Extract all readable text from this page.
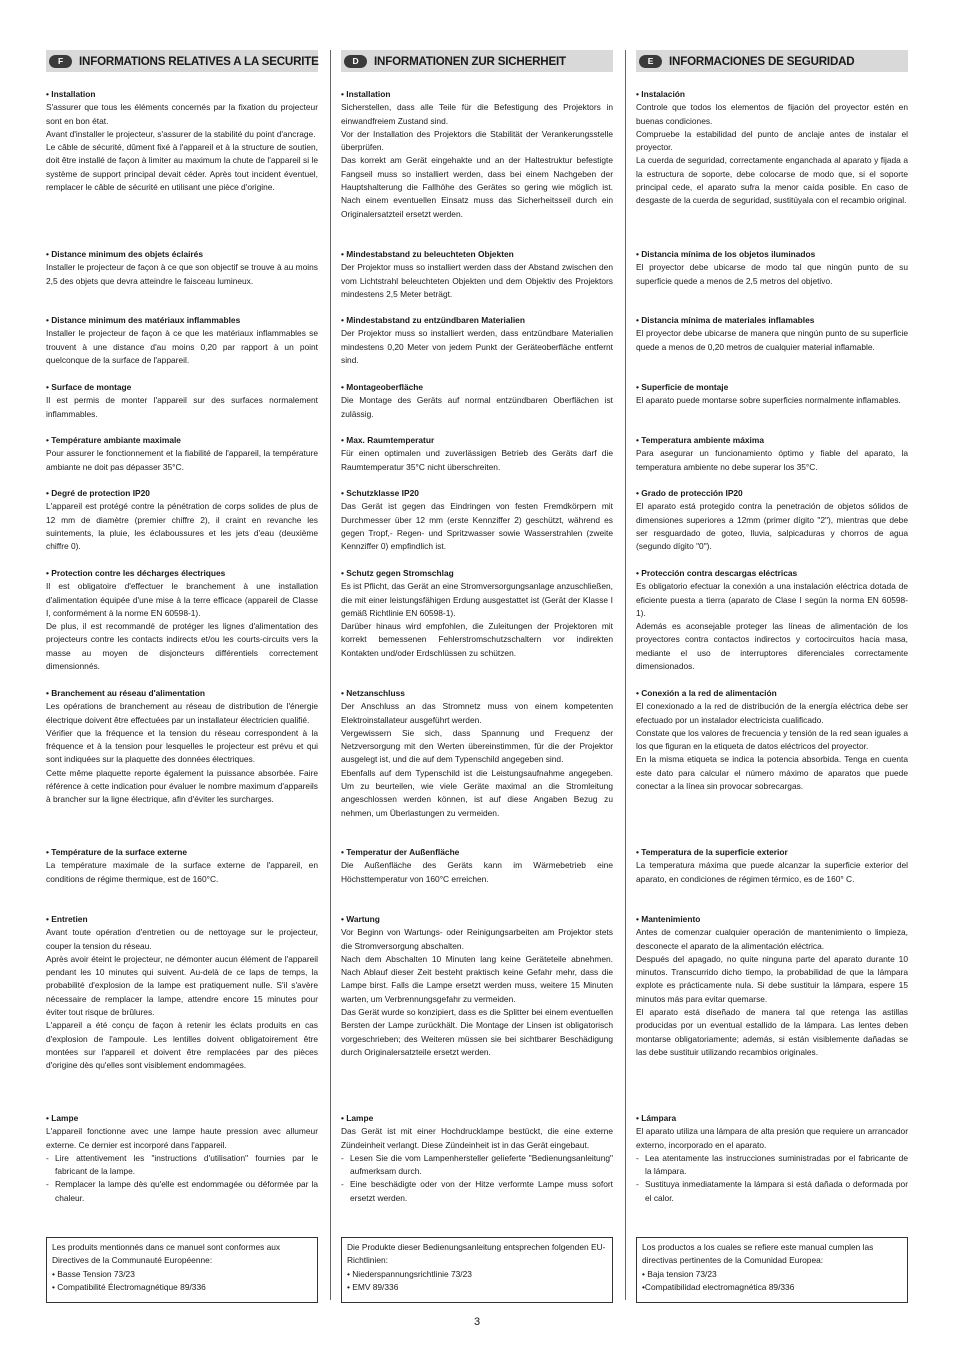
F	INFORMATIONS RELATIVES A LA SECURITE
• Installation

S'assurer que tous les éléments concernés par la fixation du projecteur sont en bon état.

Avant d'installer le projecteur, s'assurer de la stabilité du point d'ancrage.

Le câble de sécurité, dûment fixé à l'appareil et à la structure de soutien, doit être installé de façon à limiter au maximum la chute de l'appareil si le système de support principal devait céder. Après tout incident éventuel, remplacer le câble de sécurité en utilisant une pièce d'origine.

• Distance minimum des objets éclairés

Installer le projecteur de façon à ce que son objectif se trouve à au moins 2,5 des objets que devra atteindre le faisceau lumineux.

• Distance minimum des matériaux inflammables

Installer le projecteur de façon à ce que les matériaux inflammables se trouvent à une distance d'au moins 0,20 par rapport à un point quelconque de la surface de l'appareil.

• Surface de montage

Il est permis de monter l'appareil sur des surfaces normalement inflammables.

• Température ambiante maximale

Pour assurer le fonctionnement et la fiabilité de l'appareil, la température ambiante ne doit pas dépasser 35°C.

• Degré de protection IP20

L'appareil est protégé contre la pénétration de corps solides de plus de 12 mm de diamètre (premier chiffre 2), il craint en revanche les suintements, la pluie, les éclaboussures et les jets d'eau (deuxième chiffre 0).

• Protection contre les décharges électriques

Il est obligatoire d'effectuer le branchement à une installation d'alimentation équipée d'une mise à la terre efficace (appareil de Classe I, conformément à la norme EN 60598-1).

De plus, il est recommandé de protéger les lignes d'alimentation des projecteurs contre les contacts indirects et/ou les courts-circuits vers la masse au moyen de disjoncteurs différentiels correctement dimensionnés.

• Branchement au réseau d'alimentation

Les opérations de branchement au réseau de distribution de l'énergie électrique doivent être effectuées par un installateur électricien qualifié.

Vérifier que la fréquence et la tension du réseau correspondent à la fréquence et à la tension pour lesquelles le projecteur est prévu et qui sont indiquées sur la plaquette des données électriques.

Cette même plaquette reporte également la puissance absorbée. Faire référence à cette indication pour évaluer le nombre maximum d'appareils à brancher sur la ligne électrique, afin d'éviter les surcharges.

• Température de la surface externe

La température maximale de la surface externe de l'appareil, en conditions de régime thermique, est de 160°C.

• Entretien

Avant toute opération d'entretien ou de nettoyage sur le projecteur, couper la tension du réseau.

Après avoir éteint le projecteur, ne démonter aucun élément de l'appareil pendant les 10 minutes qui suivent. Au-delà de ce laps de temps, la probabilité d'explosion de la lampe est pratiquement nulle. S'il s'avère nécessaire de remplacer la lampe, attendre encore 15 minutes pour éviter tout risque de brûlures.

L'appareil a été conçu de façon à retenir les éclats produits en cas d'explosion de l'ampoule. Les lentilles doivent obligatoirement être montées sur l'appareil et doivent être remplacées par des pièces d'origine dès qu'elles sont visiblement endommagées.

• Lampe

L'appareil fonctionne avec une lampe haute pression avec allumeur externe. Ce dernier est incorporé dans l'appareil.

- Lire attentivement les "instructions d'utilisation" fournies par le fabricant de la lampe.

- Remplacer la lampe dès qu'elle est endommagée ou déformée par la chaleur.

Les produits mentionnés dans ce manuel sont conformes aux Directives de la Communauté Européenne:

• Basse Tension 73/23

• Compatibilité Électromagnétique 89/336

D	INFORMATIONEN ZUR SICHERHEIT
• Installation

Sicherstellen, dass alle Teile für die Befestigung des Projektors in einwandfreiem Zustand sind.

Vor der Installation des Projektors die Stabilität der Verankerungsstelle überprüfen.

Das korrekt am Gerät eingehakte und an der Haltestruktur befestigte Fangseil muss so installiert werden, dass bei einem Nachgeben der Hauptshalterung die Fallhöhe des Gerätes so gering wie möglich ist. Nach einem eventuellen Einsatz muss das Sicherheitsseil durch ein Originalersatzteil ersetzt werden.

• Mindestabstand zu beleuchteten Objekten

Der Projektor muss so installiert werden dass der Abstand zwischen den vom Lichtstrahl beleuchteten Objekten und dem Objektiv des Projektors mindestens 2,5 Meter beträgt.

• Mindestabstand zu entzündbaren Materialien

Der Projektor muss so installiert werden, dass entzündbare Materialien mindestens 0,20 Meter von jedem Punkt der Geräteoberfläche entfernt sind.

• Montageoberfläche

Die Montage des Geräts auf normal entzündbaren Oberflächen ist zulässig.

• Max. Raumtemperatur

Für einen optimalen und zuverlässigen Betrieb des Geräts darf die Raumtemperatur 35°C nicht überschreiten.

• Schutzklasse IP20

Das Gerät ist gegen das Eindringen von festen Fremdkörpern mit Durchmesser über 12 mm (erste Kennziffer 2) geschützt, während es gegen Tropf,- Regen- und Spritzwasser sowie Wasserstrahlen (zweite Kennziffer 0) empfindlich ist.

• Schutz gegen Stromschlag

Es ist Pflicht, das Gerät an eine Stromversorgungsanlage anzuschließen, die mit einer leistungsfähigen Erdung ausgestattet ist (Gerät der Klasse I gemäß Richtlinie EN 60598-1).

Darüber hinaus wird empfohlen, die Zuleitungen der Projektoren mit korrekt bemessenen Fehlerstromschutzschaltern vor indirekten Kontakten und/oder Erdschlüssen zu schützen.

• Netzanschluss

Der Anschluss an das Stromnetz muss von einem kompetenten Elektroinstallateur ausgeführt werden.

Vergewissern Sie sich, dass Spannung und Frequenz der Netzversorgung mit den Werten übereinstimmen, für die der Projektor ausgelegt ist, und die auf dem Typenschild angegeben sind.

Ebenfalls auf dem Typenschild ist die Leistungsaufnahme angegeben. Um zu beurteilen, wie viele Geräte maximal an die Stromleitung angeschlossen werden können, ist auf diese Angaben Bezug zu nehmen, um Überlastungen zu vermeiden.

• Temperatur der Außenfläche

Die Außenfläche des Geräts kann im Wärmebetrieb eine Höchsttemperatur von 160°C erreichen.

• Wartung

Vor Beginn von Wartungs- oder Reinigungsarbeiten am Projektor stets die Stromversorgung abschalten.

Nach dem Abschalten 10 Minuten lang keine Geräteteile abnehmen. Nach Ablauf dieser Zeit besteht praktisch keine Gefahr mehr, dass die Lampe birst. Falls die Lampe ersetzt werden muss, weitere 15 Minuten warten, um Verbrennungsgefahr zu vermeiden.

Das Gerät wurde so konzipiert, dass es die Splitter bei einem eventuellen Bersten der Lampe zurückhält. Die Montage der Linsen ist obligatorisch vorgeschrieben; des Weiteren müssen sie bei sichtbarer Beschädigung durch Originalersatzteile ersetzt werden.

• Lampe

Das Gerät ist mit einer Hochdrucklampe bestückt, die eine externe Zündeinheit verlangt. Diese Zündeinheit ist in das Gerät eingebaut.

- Lesen Sie die vom Lampenhersteller gelieferte "Bedienungsanleitung" aufmerksam durch.

- Eine beschädigte oder von der Hitze verformte Lampe muss sofort ersetzt werden.

Die Produkte dieser Bedienungsanleitung entsprechen folgenden EU-Richtlinien:

• Niederspannungsrichtlinie 73/23

• EMV 89/336

E	INFORMACIONES DE SEGURIDAD
• Instalación

Controle que todos los elementos de fijación del proyector estén en buenas condiciones.

Compruebe la estabilidad del punto de anclaje antes de instalar el proyector.

La cuerda de seguridad, correctamente enganchada al aparato y fijada a la estructura de soporte, debe colocarse de modo que, si el soporte principal cede, el aparato sufra la menor caída posible. En caso de desgaste de la cuerda de seguridad, sustitúyala con el recambio original.

• Distancia mínima de los objetos iluminados

El proyector debe ubicarse de modo tal que ningún punto de su superficie quede a menos de 2,5 metros del objetivo.

• Distancia mínima de materiales inflamables

El proyector debe ubicarse de manera que ningún punto de su superficie quede a menos de 0,20 metros de cualquier material inflamable.

• Superficie de montaje

El aparato puede montarse sobre superficies normalmente inflamables.

• Temperatura ambiente máxima

Para asegurar un funcionamiento óptimo y fiable del aparato, la temperatura ambiente no debe superar los 35°C.

• Grado de protección IP20

El aparato está protegido contra la penetración de objetos sólidos de dimensiones superiores a 12mm (primer dígito "2"), mientras que debe ser resguardado de goteo, lluvia, salpicaduras y chorros de agua (segundo dígito "0").

• Protección contra descargas eléctricas

Es obligatorio efectuar la conexión a una instalación eléctrica dotada de eficiente puesta a tierra (aparato de Clase I según la norma EN 60598-1).

Además es aconsejable proteger las líneas de alimentación de los proyectores contra contactos indirectos y cortocircuitos hacia masa, mediante el uso de interruptores diferenciales correctamente dimensionados.

• Conexión a la red de alimentación

El conexionado a la red de distribución de la energía eléctrica debe ser efectuado por un instalador electricista cualificado.

Constate que los valores de frecuencia y tensión de la red sean iguales a los que figuran en la etiqueta de datos eléctricos del proyector.

En la misma etiqueta se indica la potencia absorbida. Tenga en cuenta este dato para calcular el número máximo de aparatos que puede conectar a la línea sin provocar sobrecargas.

• Temperatura de la superficie exterior

La temperatura máxima que puede alcanzar la superficie exterior del aparato, en condiciones de régimen térmico, es de 160° C.

• Mantenimiento

Antes de comenzar cualquier operación de mantenimiento o limpieza, desconecte el aparato de la alimentación eléctrica.

Después del apagado, no quite ninguna parte del aparato durante 10 minutos. Transcurrido dicho tiempo, la probabilidad de que la lámpara explote es prácticamente nula. Si debe sustituir la lámpara, espere 15 minutos más para evitar quemarse.

El aparato está diseñado de manera tal que retenga las astillas producidas por un eventual estallido de la lámpara. Las lentes deben montarse obligatoriamente; además, si están visiblemente dañadas se las debe sustituir utilizando recambios originales.

• Lámpara

El aparato utiliza una lámpara de alta presión que requiere un arrancador externo, incorporado en el aparato.

- Lea atentamente las instrucciones suministradas por el fabricante de la lámpara.

- Sustituya inmediatamente la lámpara si está dañada o deformada por el calor.

Los productos a los cuales se refiere este manual cumplen las directivas pertinentes de la Comunidad Europea:

• Baja tension 73/23

•Compatibilidad electromagnética 89/336

3
